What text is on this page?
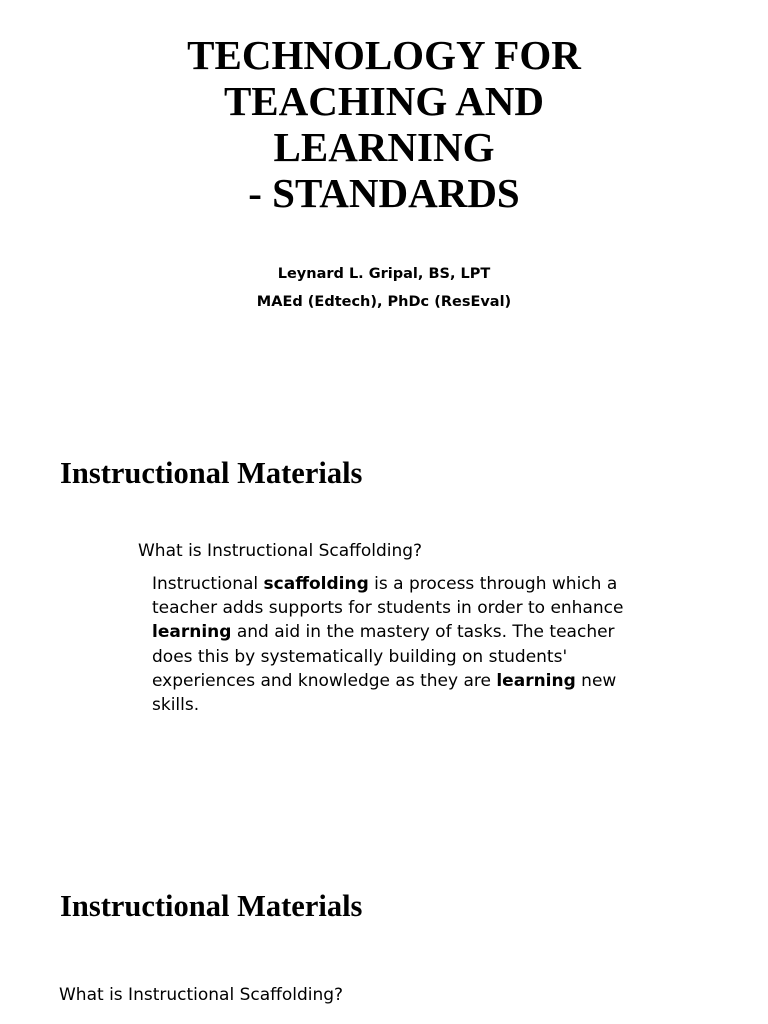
TECHNOLOGY FOR

TEACHING AND

LEARNING

- STANDARDS

Leynard L. Gripal, BS, LPT
MAEd (Edtech), PhDc (ResEval)
Instructional Materials

What is Instructional Scaffolding?

Instructional scaffolding is a process through which a teacher adds supports for students in order to enhance learning and aid in the mastery of tasks. The teacher does this by systematically building on students' experiences and knowledge as they are learning new skills.

Instructional Materials

What is Instructional Scaffolding?
